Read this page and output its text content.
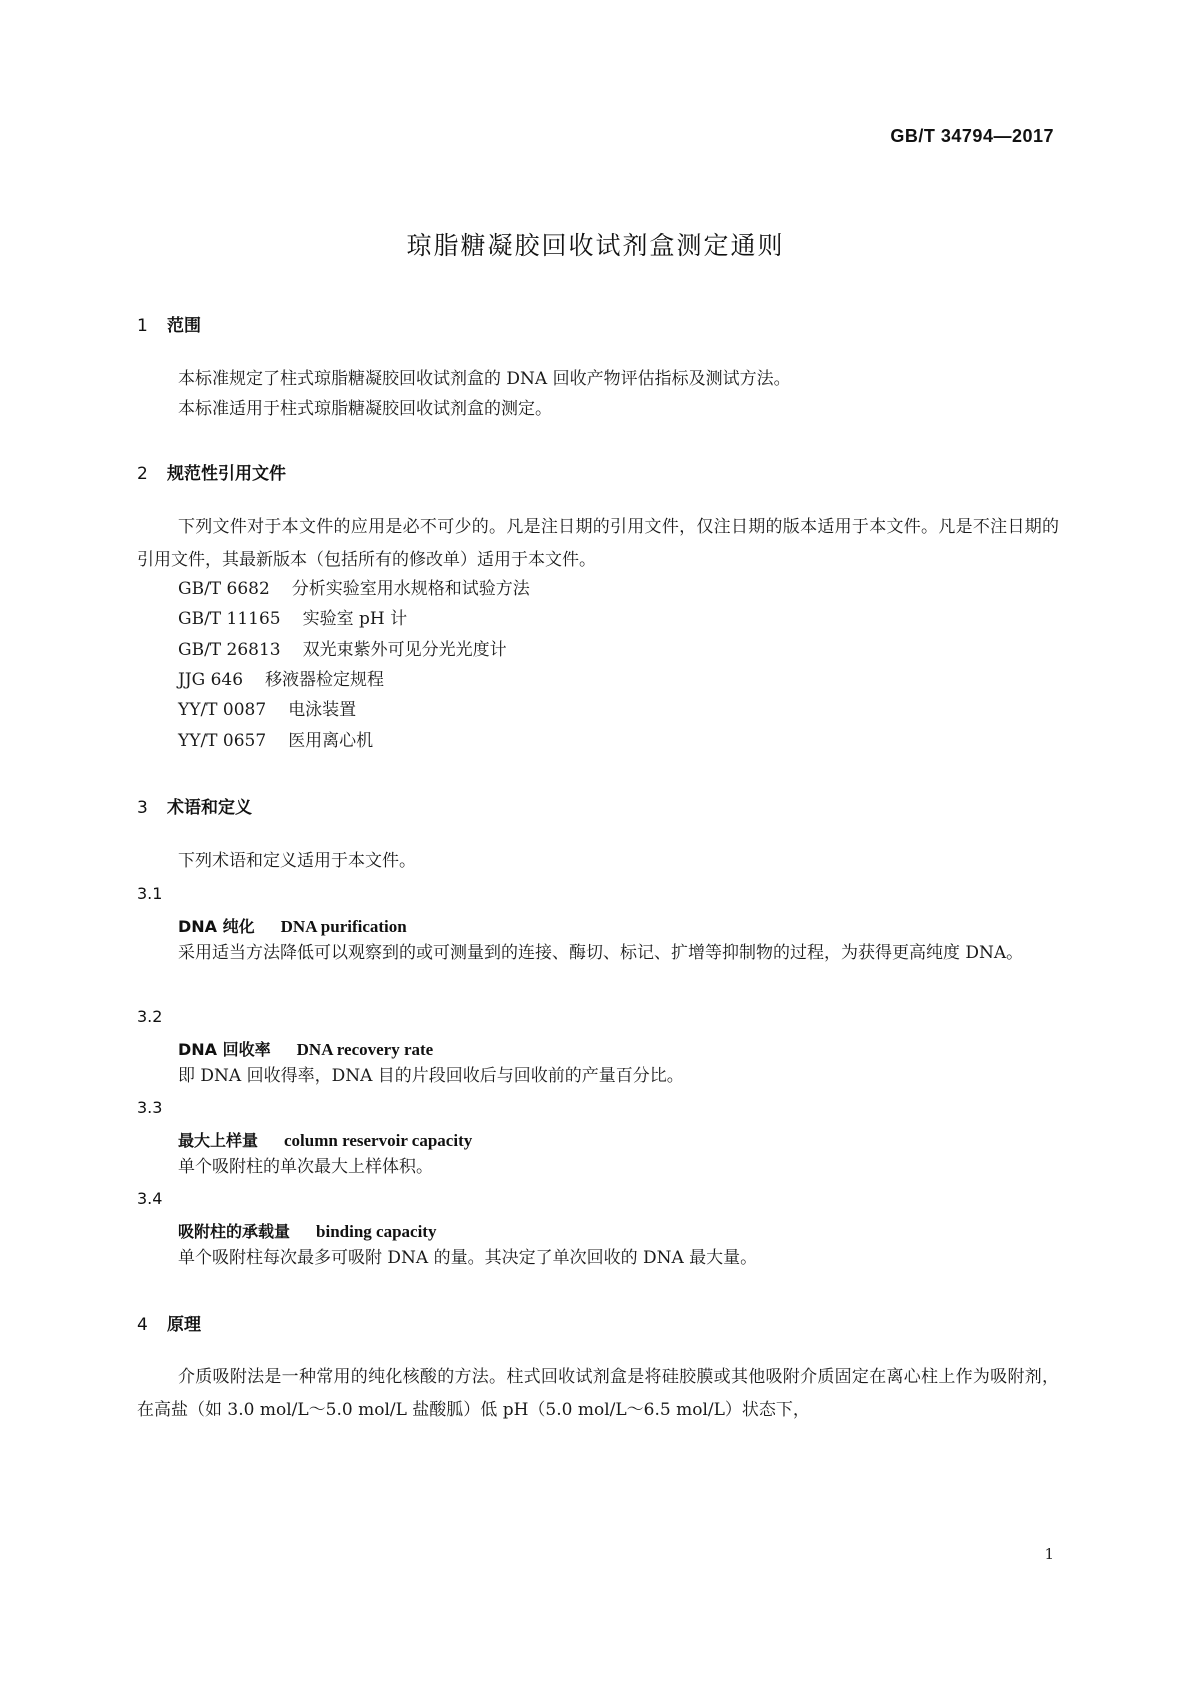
GB/T 34794—2017
琼脂糖凝胶回收试剂盒测定通则
1 范围
本标准规定了柱式琼脂糖凝胶回收试剂盒的 DNA 回收产物评估指标及测试方法。
本标准适用于柱式琼脂糖凝胶回收试剂盒的测定。
2 规范性引用文件
下列文件对于本文件的应用是必不可少的。凡是注日期的引用文件，仅注日期的版本适用于本文件。凡是不注日期的引用文件，其最新版本（包括所有的修改单）适用于本文件。
GB/T 6682 分析实验室用水规格和试验方法
GB/T 11165 实验室 pH 计
GB/T 26813 双光束紫外可见分光光度计
JJG 646 移液器检定规程
YY/T 0087 电泳装置
YY/T 0657 医用离心机
3 术语和定义
下列术语和定义适用于本文件。
3.1
DNA 纯化 DNA purification
采用适当方法降低可以观察到的或可测量到的连接、酶切、标记、扩增等抑制物的过程，为获得更高纯度 DNA。
3.2
DNA 回收率 DNA recovery rate
即 DNA 回收得率，DNA 目的片段回收后与回收前的产量百分比。
3.3
最大上样量 column reservoir capacity
单个吸附柱的单次最大上样体积。
3.4
吸附柱的承载量 binding capacity
单个吸附柱每次最多可吸附 DNA 的量。其决定了单次回收的 DNA 最大量。
4 原理
介质吸附法是一种常用的纯化核酸的方法。柱式回收试剂盒是将硅胶膜或其他吸附介质固定在离心柱上作为吸附剂，在高盐（如 3.0 mol/L～5.0 mol/L 盐酸胍）低 pH（5.0 mol/L～6.5 mol/L）状态下，
1
